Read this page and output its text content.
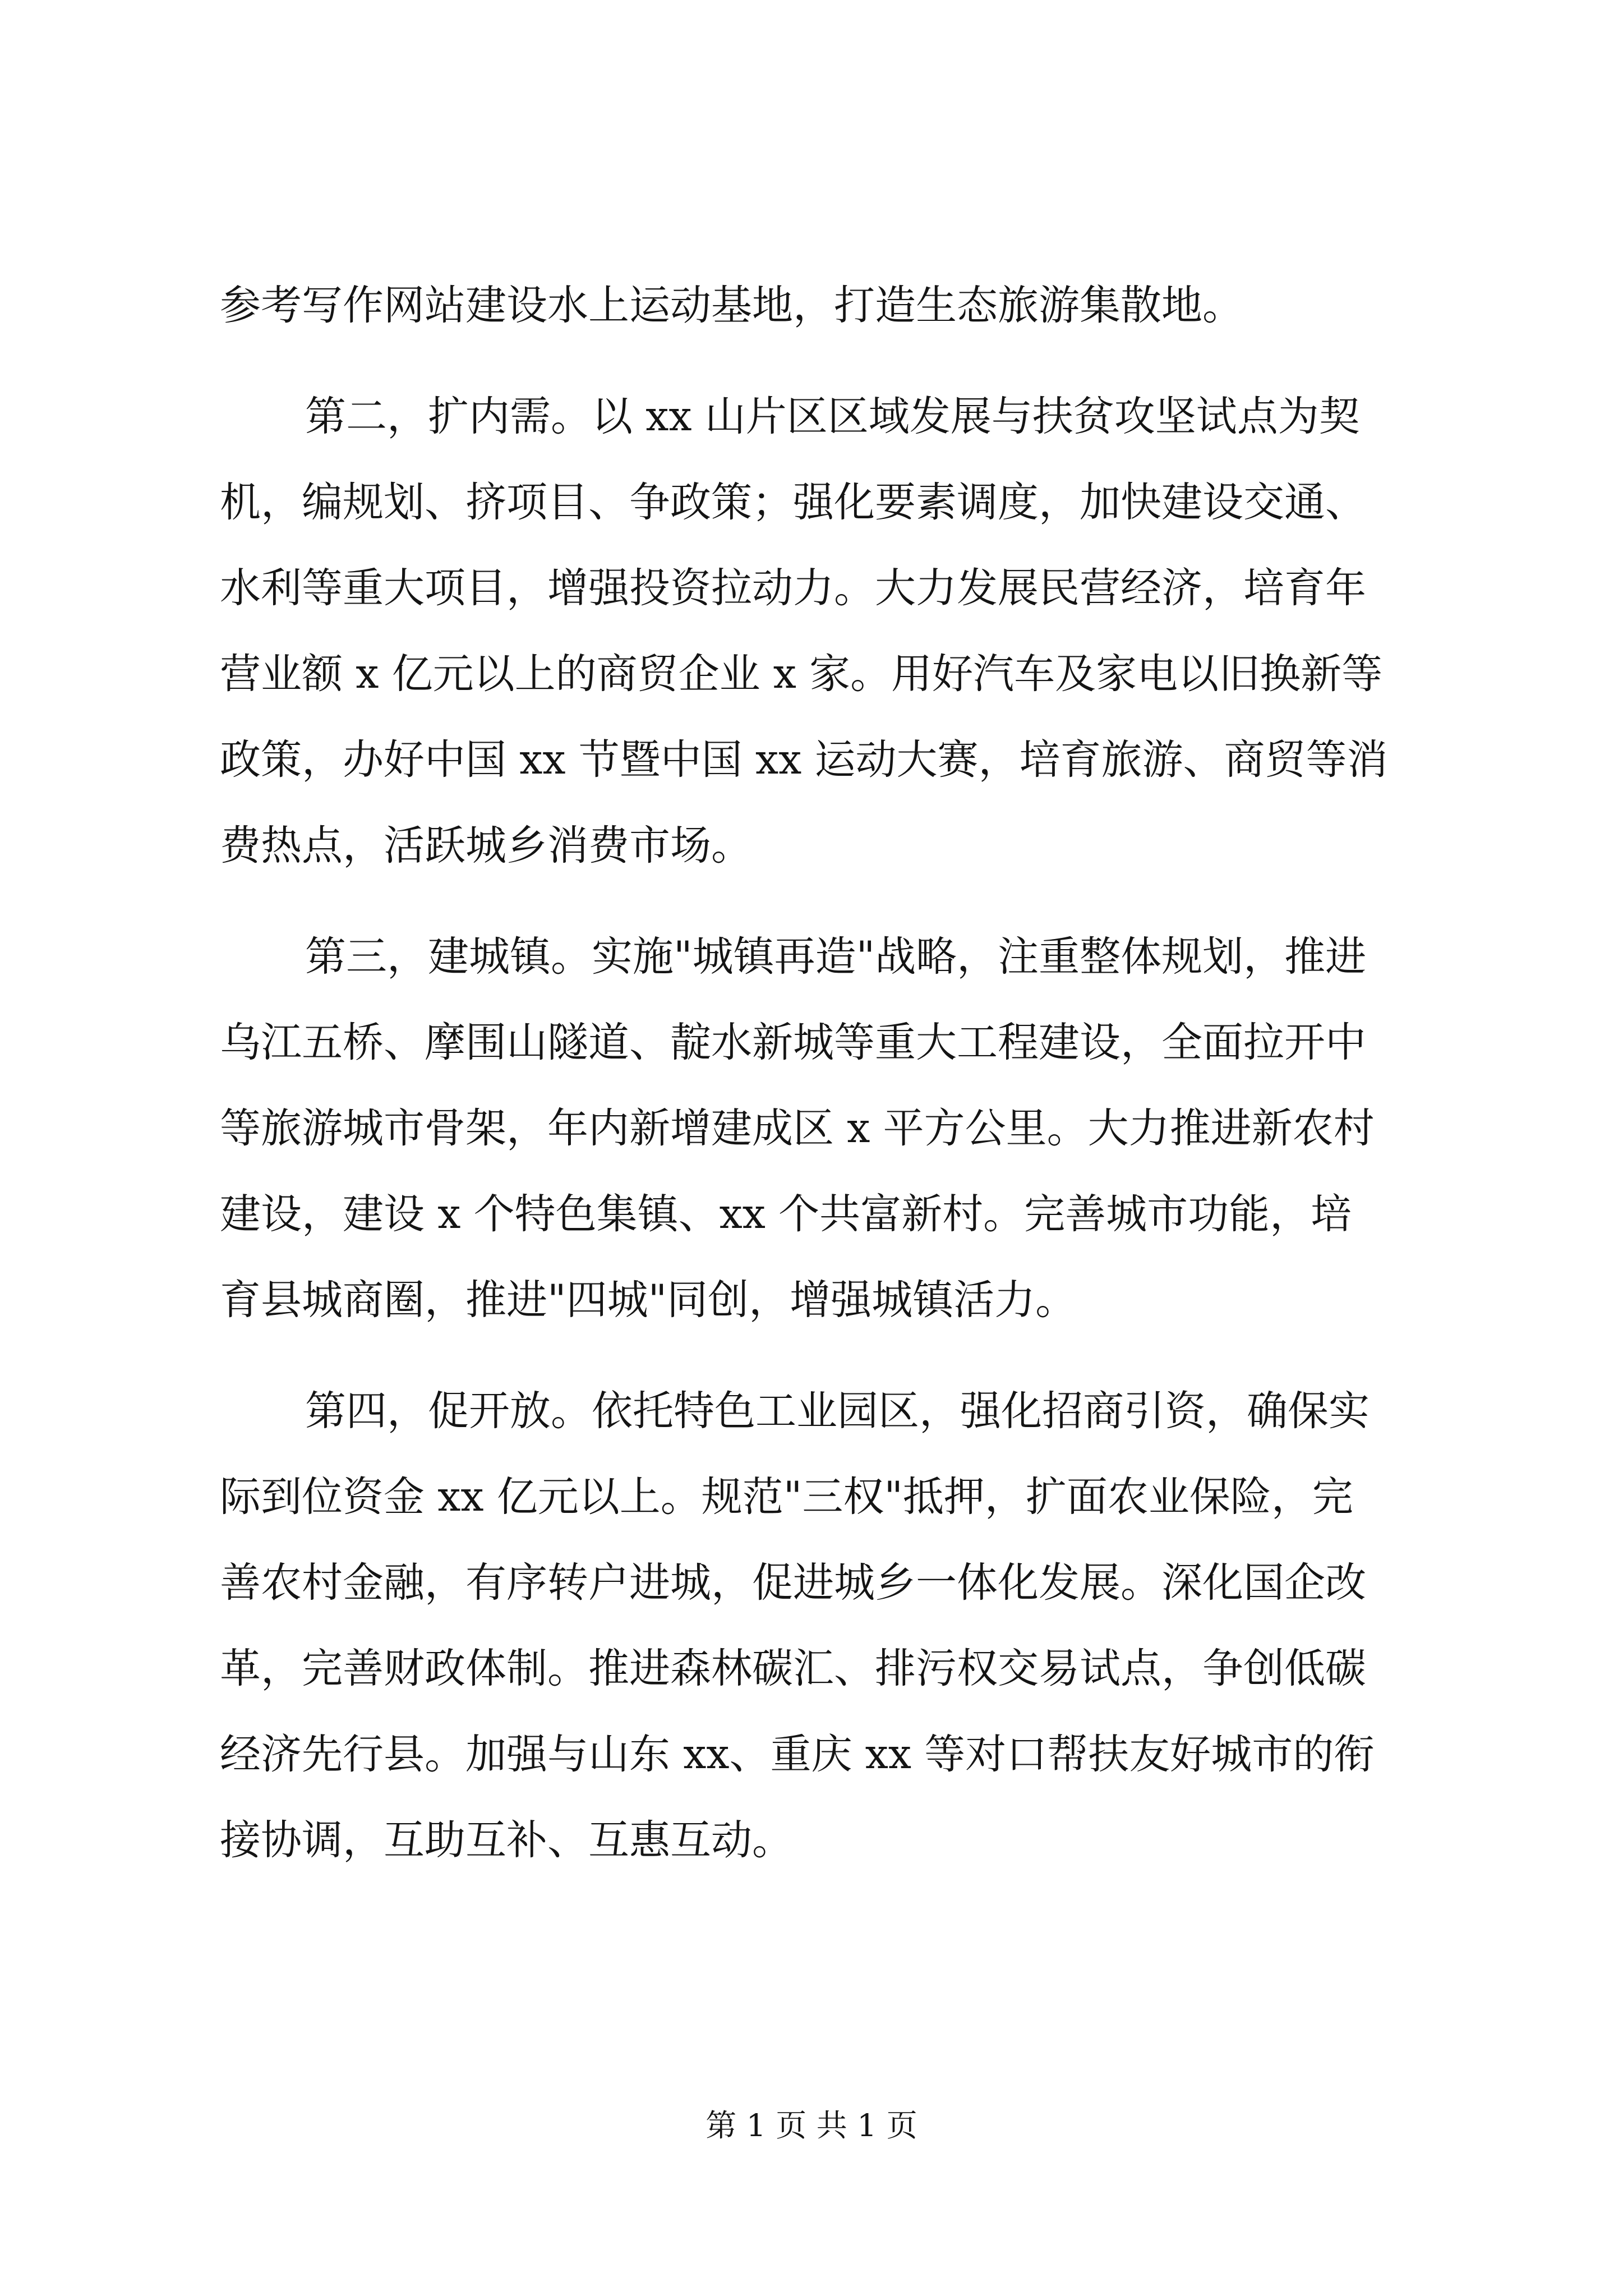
参考写作网站建设水上运动基地，打造生态旅游集散地。
第二，扩内需。以 xx 山片区区域发展与扶贫攻坚试点为契
机，编规划、挤项目、争政策；强化要素调度，加快建设交通、
水利等重大项目，增强投资拉动力。大力发展民营经济，培育年
营业额 x 亿元以上的商贸企业 x 家。用好汽车及家电以旧换新等
政策，办好中国 xx 节暨中国 xx 运动大赛，培育旅游、商贸等消
费热点，活跃城乡消费市场。
第三，建城镇。实施"城镇再造"战略，注重整体规划，推进
乌江五桥、摩围山隧道、靛水新城等重大工程建设，全面拉开中
等旅游城市骨架，年内新增建成区 x 平方公里。大力推进新农村
建设，建设 x 个特色集镇、xx 个共富新村。完善城市功能，培
育县城商圈，推进"四城"同创，增强城镇活力。
第四，促开放。依托特色工业园区，强化招商引资，确保实
际到位资金 xx 亿元以上。规范"三权"抵押，扩面农业保险，完
善农村金融，有序转户进城，促进城乡一体化发展。深化国企改
革，完善财政体制。推进森林碳汇、排污权交易试点，争创低碳
经济先行县。加强与山东 xx、重庆 xx 等对口帮扶友好城市的衔
接协调，互助互补、互惠互动。
第 1 页 共 1 页
